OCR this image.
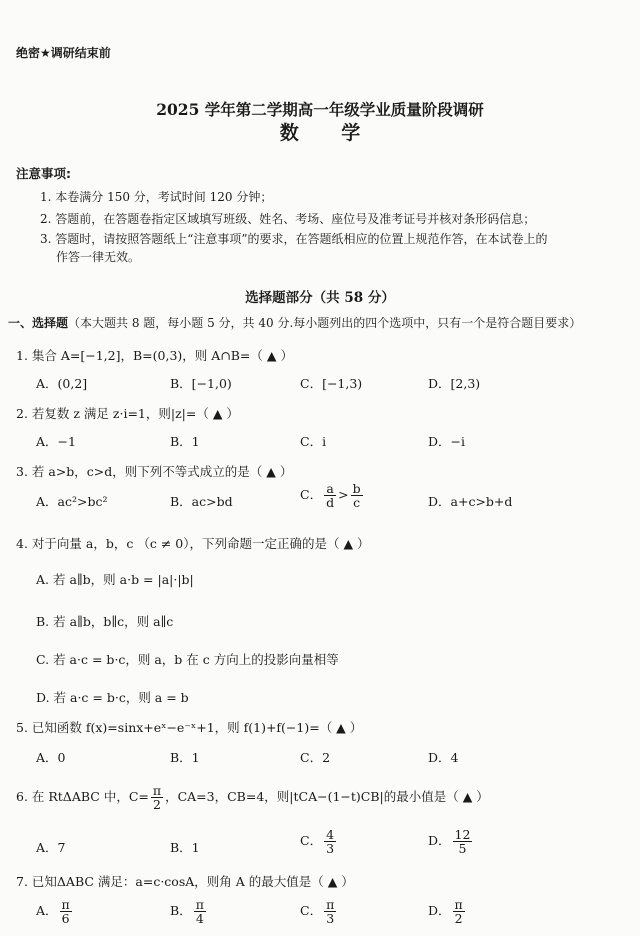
绝密★调研结束前
2025 学年第二学期高一年级学业质量阶段调研
数 学
注意事项:
1. 本卷满分 150 分，考试时间 120 分钟；
2. 答题前，在答题卷指定区域填写班级、姓名、考场、座位号及准考证号并核对条形码信息；
3. 答题时，请按照答题纸上“注意事项”的要求，在答题纸相应的位置上规范作答，在本试卷上的
作答一律无效。
选择题部分（共 58 分）
一、选择题（本大题共 8 题，每小题 5 分，共 40 分.每小题列出的四个选项中，只有一个是符合题目要求）
1. 集合 A=[−1,2]，B=(0,3)，则 A∩B=（ ▲ ）
A．(0,2]	B．[−1,0)	C．[−1,3)	D．[2,3)
2. 若复数 z 满足 z·i=1，则|z|=（ ▲ ）
A．−1	B．1	C．i	D．−i
3. 若 a>b，c>d，则下列不等式成立的是（ ▲ ）
A．ac²>bc²	B．ac>bd	C． $\frac{a}{d} > \frac{b}{c}$	D．a+c>b+d
4. 对于向量 a，b，c （c ≠ 0），下列命题一定正确的是（ ▲ ）
A. 若 a∥b，则 a·b = |a|·|b|
B. 若 a∥b，b∥c，则 a∥c
C. 若 a·c = b·c，则 a，b 在 c 方向上的投影向量相等
D. 若 a·c = b·c，则 a = b
5. 已知函数 f(x)=sinx+eˣ−e⁻ˣ+1，则 f(1)+f(−1)=（ ▲ ）
A．0	B．1	C．2	D．4
6. 在 RtΔABC 中，$C= \frac{\pi}{2}$ ，CA=3，CB=4，则|tCA−(1−t)CB|的最小值是（ ▲ ）
A．7	B．1	C． $\frac{4}{3}$	D． $\frac{12}{5}$
7. 已知ΔABC 满足：a=c·cosA，则角 A 的最大值是（ ▲ ）
A． $\frac{\pi}{6}$	B． $\frac{\pi}{4}$	C． $\frac{\pi}{3}$	D． $\frac{\pi}{2}$
